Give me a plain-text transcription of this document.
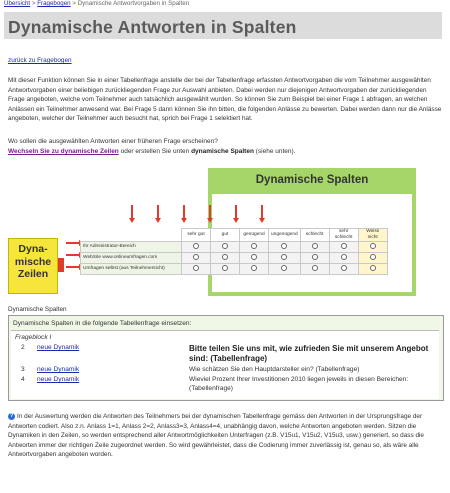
Übersicht > Fragebogen > Dynamische Antwortvorgaben in Spalten
Dynamische Antworten in Spalten
zurück zu Fragebogen
Mit dieser Funktion können Sie in einer Tabellenfrage anstelle der bei der Tabellenfrage erfassten Antwortvorgaben die vom Teilnehmer ausgewählten Antwortvorgaben einer beliebigen zurückliegenden Frage zur Auswahl anbieten. Dabei werden nur diejenigen Antwortvorgaben der zurückliegenden Frage angeboten, welche vom Teilnehmer auch tatsächlich ausgewählt wurden. So können Sie zum Beispiel bei einer Frage 1 abfragen, an welchen Anlässen ein Teilnehmer anwesend war. Bei Frage 5 dann können Sie ihn bitten, die folgenden Anlässe zu bewerten. Dabei werden dann nur die Anlässe angeboten, welcher der Teilnehmer auch besucht hat, sprich bei Frage 1 selektiert hat.
Wo sollen die ausgewählten Antworten einer früheren Frage erscheinen?
Wechseln Sie zu dynamische Zeilen oder erstellen Sie unten dynamische Spalten (siehe unten).
Dynamische Spalten
Dyna-
mische
Zeilen
	sehr gut	gut	genügend	ungenügend	schlecht	sehr schlecht	Weiss nicht
Ihr Administrator-Bereich							
WebSite www.onlineumfragen.com							
Umfragen selbst (aus Teilnehmersicht)							
Dynamische Spalten
Dynamische Spalten in die folgende Tabellenfrage einsetzen:
Frageblock I
2 neue Dynamik	Bitte teilen Sie uns mit, wie zufrieden Sie mit unserem Angebot sind: (Tabellenfrage)
3 neue Dynamik	Wie schätzen Sie den Hauptdarsteller ein? (Tabellenfrage)
4 neue Dynamik	Wieviel Prozent Ihrer Investitionen 2010 liegen jeweils in diesen Bereichen: (Tabellenfrage)
? In der Auswertung werden die Antworten des Teilnehmers bei der dynamischen Tabellenfrage gemäss den Antworten in der Ursprungsfrage der Antworten codiert. Also z.n. Anlass 1=1, Anlass 2=2, Anlass3=3, Anlass4=4, unabhängig davon, welche Antworten angeboten werden. Sitzen die Dynamiken in den Zeilen, so werden entsprechend aller Antwortmöglichkeiten Unterfragen (z.B. V15u1, V15u2, V15u3, usw.) generiert, so dass die Antworten immer der richtigen Zeile zugeordnet werden. So wird gewährleistet, dass die Codierung immer zuverlässig ist, genau so, als wäre alle Antwortvorgaben angeboten worden.
